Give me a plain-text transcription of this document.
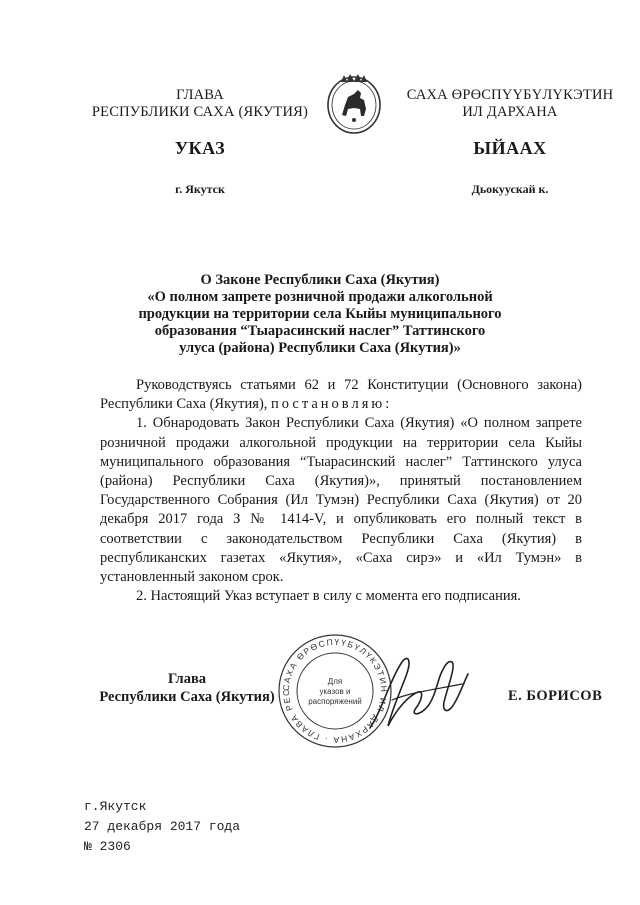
ГЛАВА
РЕСПУБЛИКИ САХА (ЯКУТИЯ)
САХА ӨРӨСПҮҮБҮЛҮКЭТИН
ИЛ ДАРХАНА
УКАЗ	ЫЙААХ
г. Якутск	Дьокуускай к.
О Законе Республики Саха (Якутия)
«О полном запрете розничной продажи алкогольной
продукции на территории села Кыйы муниципального
образования “Тыарасинский наслег” Таттинского
улуса (района) Республики Саха (Якутия)»

Руководствуясь статьями 62 и 72 Конституции (Основного закона) Республики Саха (Якутия), постановляю:

1. Обнародовать Закон Республики Саха (Якутия) «О полном запрете розничной продажи алкогольной продукции на территории села Кыйы муниципального образования “Тыарасинский наслег” Таттинского улуса (района) Республики Саха (Якутия)», принятый постановлением Государственного Собрания (Ил Тумэн) Республики Саха (Якутия) от 20 декабря 2017 года З № 1414-V, и опубликовать его полный текст в соответствии с законодательством Республики Саха (Якутия) в республиканских газетах «Якутия», «Саха сирэ» и «Ил Тумэн» в установленный законом срок.

2. Настоящий Указ вступает в силу с момента его подписания.

Глава
Республики Саха (Якутия)
САХА ӨРӨСПҮҮБҮЛҮКЭТИН ИЛ ДАРХАНА · ГЛАВА РЕС
Для
указов и
распоряжений	Е. БОРИСОВ
г.Якутск
27 декабря 2017 года
№ 2306
